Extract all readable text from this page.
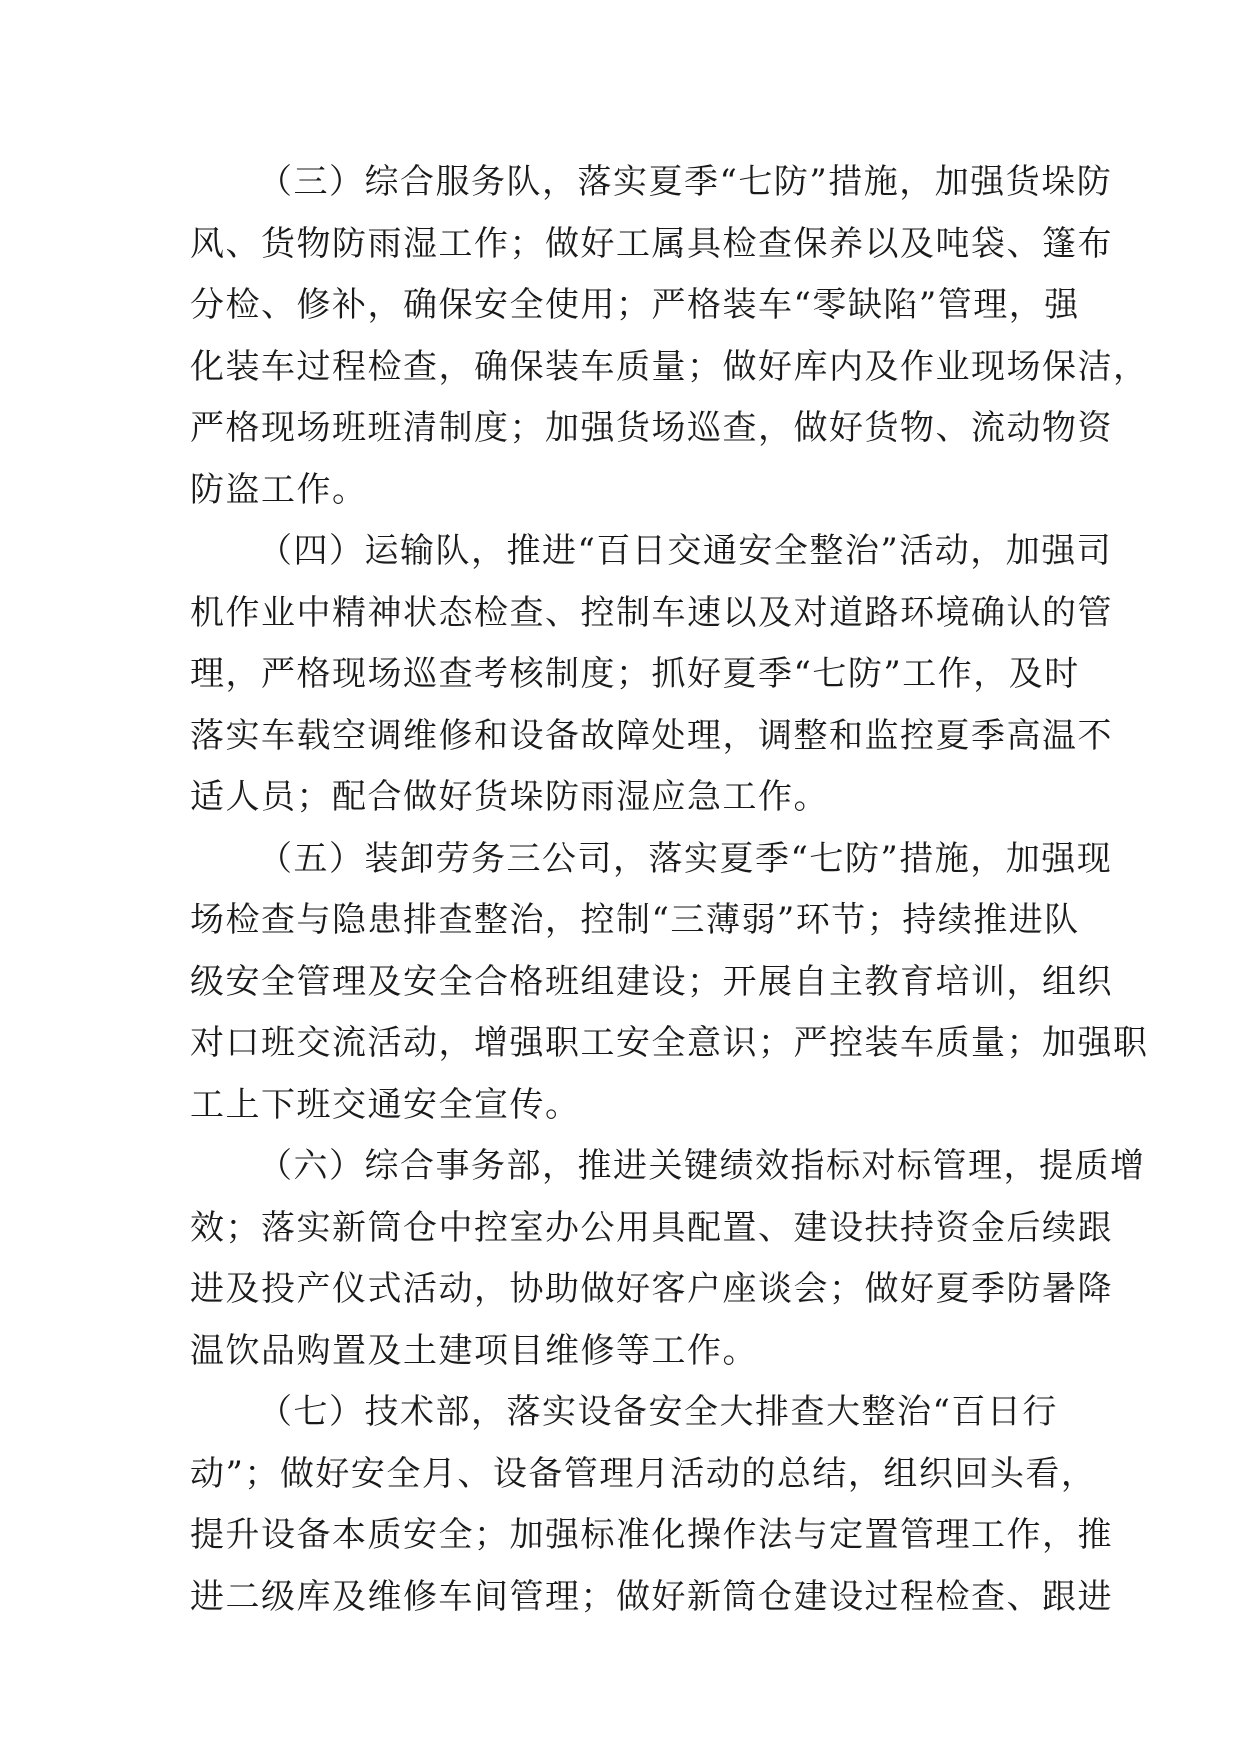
（三）综合服务队，落实夏季“七防”措施，加强货垛防
风、货物防雨湿工作；做好工属具检查保养以及吨袋、篷布
分检、修补，确保安全使用；严格装车“零缺陷”管理，强
化装车过程检查，确保装车质量；做好库内及作业现场保洁，
严格现场班班清制度；加强货场巡查，做好货物、流动物资
防盗工作。

（四）运输队，推进“百日交通安全整治”活动，加强司
机作业中精神状态检查、控制车速以及对道路环境确认的管
理，严格现场巡查考核制度；抓好夏季“七防”工作，及时
落实车载空调维修和设备故障处理，调整和监控夏季高温不
适人员；配合做好货垛防雨湿应急工作。

（五）装卸劳务三公司，落实夏季“七防”措施，加强现
场检查与隐患排查整治，控制“三薄弱”环节；持续推进队
级安全管理及安全合格班组建设；开展自主教育培训，组织
对口班交流活动，增强职工安全意识；严控装车质量；加强职
工上下班交通安全宣传。

（六）综合事务部，推进关键绩效指标对标管理，提质增
效；落实新筒仓中控室办公用具配置、建设扶持资金后续跟
进及投产仪式活动，协助做好客户座谈会；做好夏季防暑降
温饮品购置及土建项目维修等工作。

（七）技术部，落实设备安全大排查大整治“百日行
动”；做好安全月、设备管理月活动的总结，组织回头看，
提升设备本质安全；加强标准化操作法与定置管理工作，推
进二级库及维修车间管理；做好新筒仓建设过程检查、跟进
